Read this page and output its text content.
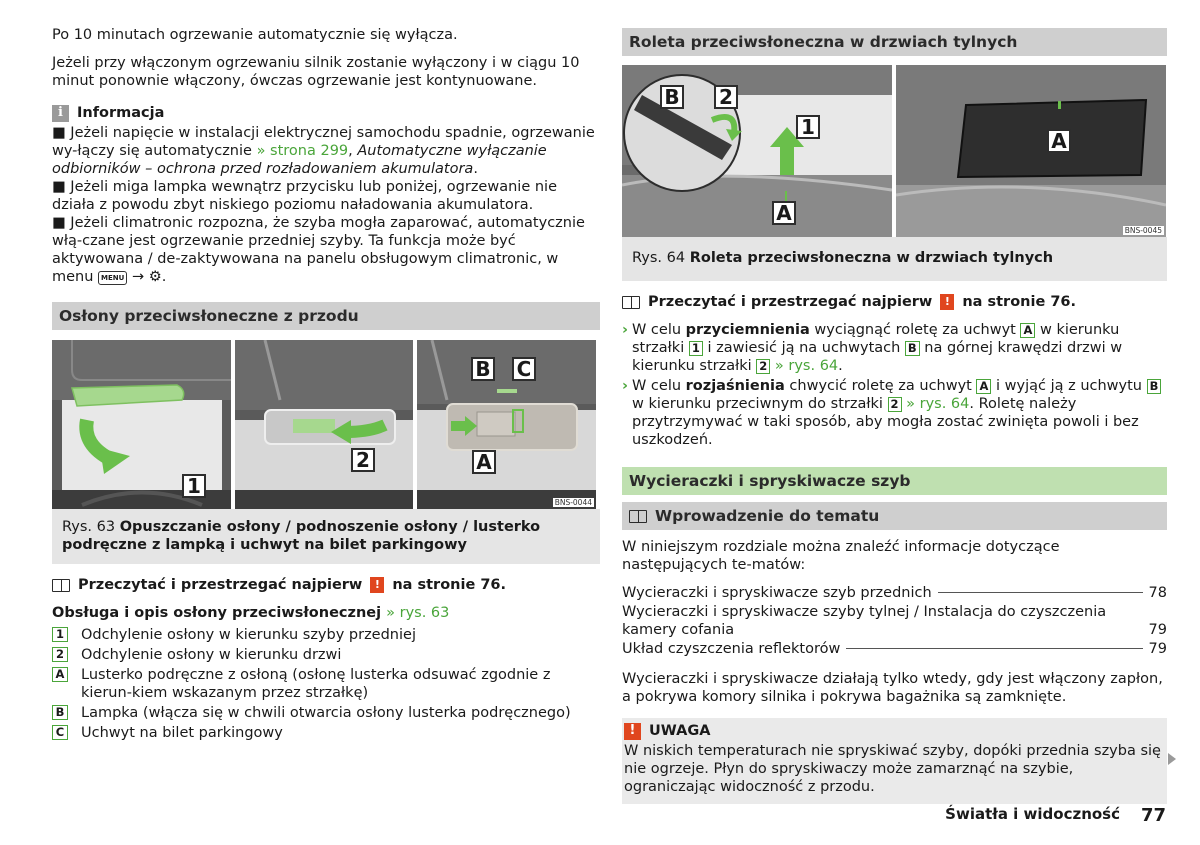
Po 10 minutach ogrzewanie automatycznie się wyłącza.

Jeżeli przy włączonym ogrzewaniu silnik zostanie wyłączony i w ciągu 10 minut ponownie włączony, ówczas ogrzewanie jest kontynuowane.

i Informacja

■ Jeżeli napięcie w instalacji elektrycznej samochodu spadnie, ogrzewanie wy-łączy się automatycznie » strona 299, Automatyczne wyłączanie odbiorników – ochrona przed rozładowaniem akumulatora.

■ Jeżeli miga lampka wewnątrz przycisku lub poniżej, ogrzewanie nie działa z powodu zbyt niskiego poziomu naładowania akumulatora.

■ Jeżeli climatronic rozpozna, że szyba mogła zaparować, automatycznie włą-czane jest ogrzewanie przedniej szyby. Ta funkcja może być aktywowana / de-zaktywowana na panelu obsługowym climatronic, w menu MENU → ⚙.

Osłony przeciwsłoneczne z przodu
1
2
B C
A
BNS-0044
Rys. 63 Opuszczanie osłony / podnoszenie osłony / lusterko podręczne z lampką i uchwyt na bilet parkingowy
Przeczytać i przestrzegać najpierw	! na stronie 76.

Obsługa i opis osłony przeciwsłonecznej » rys. 63

1 Odchylenie osłony w kierunku szyby przedniej
2 Odchylenie osłony w kierunku drzwi
A Lusterko podręczne z osłoną (osłonę lusterka odsuwać zgodnie z kierun-kiem wskazanym przez strzałkę)
B Lampka (włącza się w chwili otwarcia osłony lusterka podręcznego)
C Uchwyt na bilet parkingowy
Roleta przeciwsłoneczna w drzwiach tylnych
B 2
1
A
A
BNS-0045
Rys. 64 Roleta przeciwsłoneczna w drzwiach tylnych
Przeczytać i przestrzegać najpierw	! na stronie 76.
› W celu przyciemnienia wyciągnąć roletę za uchwyt A w kierunku strzałki 1 i zawiesić ją na uchwytach B na górnej krawędzi drzwi w kierunku strzałki 2 » rys. 64.
› W celu rozjaśnienia chwycić roletę za uchwyt A i wyjąć ją z uchwytu B w kierunku przeciwnym do strzałki 2 » rys. 64. Roletę należy przytrzymywać w taki sposób, aby mogła zostać zwinięta powoli i bez uszkodzeń.
Wycieraczki i spryskiwacze szyb
Wprowadzenie do tematu

W niniejszym rozdziale można znaleźć informacje dotyczące następujących te-matów:

Wycieraczki i spryskiwacze szyb przednich	78
Wycieraczki i spryskiwacze szyby tylnej / Instalacja do czyszczenia kamery cofania	79
Układ czyszczenia reflektorów	79

Wycieraczki i spryskiwacze działają tylko wtedy, gdy jest włączony zapłon, a pokrywa komory silnika i pokrywa bagażnika są zamknięte.

! UWAGA

W niskich temperaturach nie spryskiwać szyby, dopóki przednia szyba się nie ogrzeje. Płyn do spryskiwaczy może zamarznąć na szybie, ograniczając widoczność z przodu.

Światła i widoczność 77
